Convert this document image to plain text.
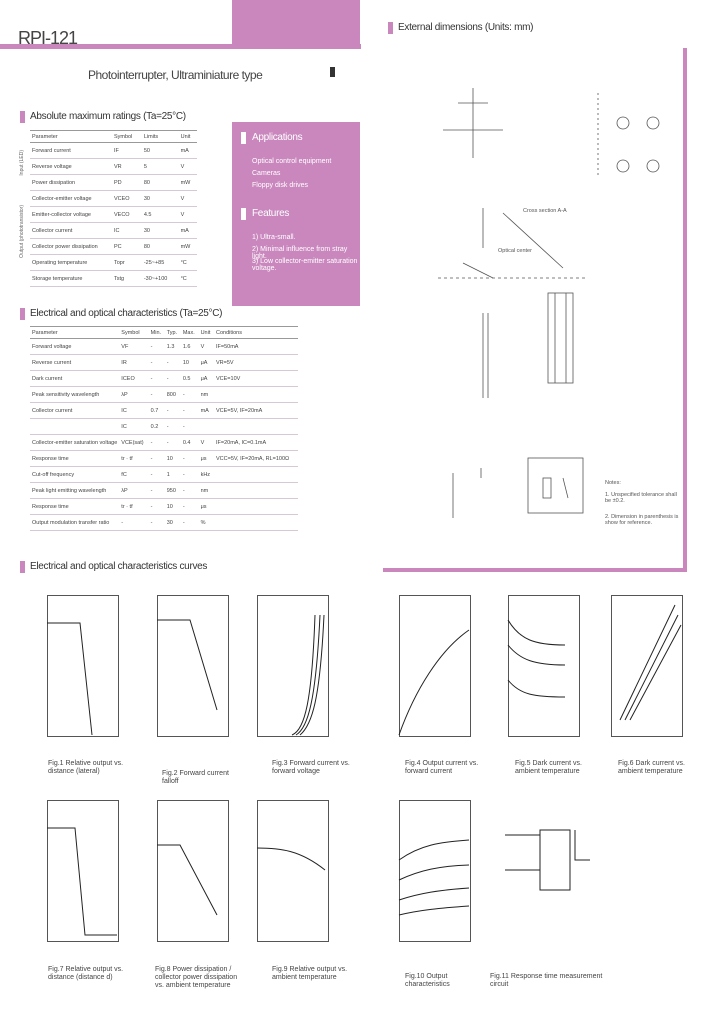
RPI-121
Photointerrupter, Ultraminiature type
Absolute maximum ratings (Ta=25°C)
Input (LED)
Output (phototransistor)
Parameter	Symbol	Limits	Unit
Forward current	IF	50	mA
Reverse voltage	VR	5	V
Power dissipation	PD	80	mW
Collector-emitter voltage	VCEO	30	V
Emitter-collector voltage	VECO	4.5	V
Collector current	IC	30	mA
Collector power dissipation	PC	80	mW
Operating temperature	Topr	-25~+85	°C
Storage temperature	Tstg	-30~+100	°C
Applications
Optical control equipment
Cameras
Floppy disk drives
Features
1) Ultra-small.
2) Minimal influence from stray light.
3) Low collector-emitter saturation voltage.
External dimensions (Units: mm)
Cross section A-A
Optical center
Notes:
1. Unspecified tolerance shall be ±0.2.
2. Dimension in parenthesis is show for reference.
Electrical and optical characteristics (Ta=25°C)
Parameter	Symbol	Min.	Typ.	Max.	Unit	Conditions
Forward voltage	VF	-	1.3	1.6	V	IF=50mA
Reverse current	IR	-	-	10	μA	VR=5V
Dark current	ICEO	-	-	0.5	μA	VCE=10V
Peak sensitivity wavelength	λP	-	800	-	nm	
Collector current	IC	0.7	-	-	mA	VCE=5V, IF=20mA
	IC	0.2	-	-		
Collector-emitter saturation voltage	VCE(sat)	-	-	0.4	V	IF=20mA, IC=0.1mA
Response time	tr · tf	-	10	-	μs	VCC=5V, IF=20mA, RL=100Ω
Cut-off frequency	fC	-	1	-	kHz	
Peak light emitting wavelength	λP	-	950	-	nm	
Response time	tr · tf	-	10	-	μs	
Output modulation transfer ratio	-	-	30	-	%	
Electrical and optical characteristics curves
Fig.1 Relative output vs. distance (lateral)	Fig.2 Forward current falloff
Fig.3 Forward current vs. forward voltage
Fig.4 Output current vs. forward current
Fig.5 Dark current vs. ambient temperature
Fig.6 Dark current vs. ambient temperature
Fig.7 Relative output vs. distance (distance d)
Fig.8 Power dissipation / collector power dissipation vs. ambient temperature
Fig.9 Relative output vs. ambient temperature	Fig.10 Output characteristics
Fig.11 Response time measurement circuit
